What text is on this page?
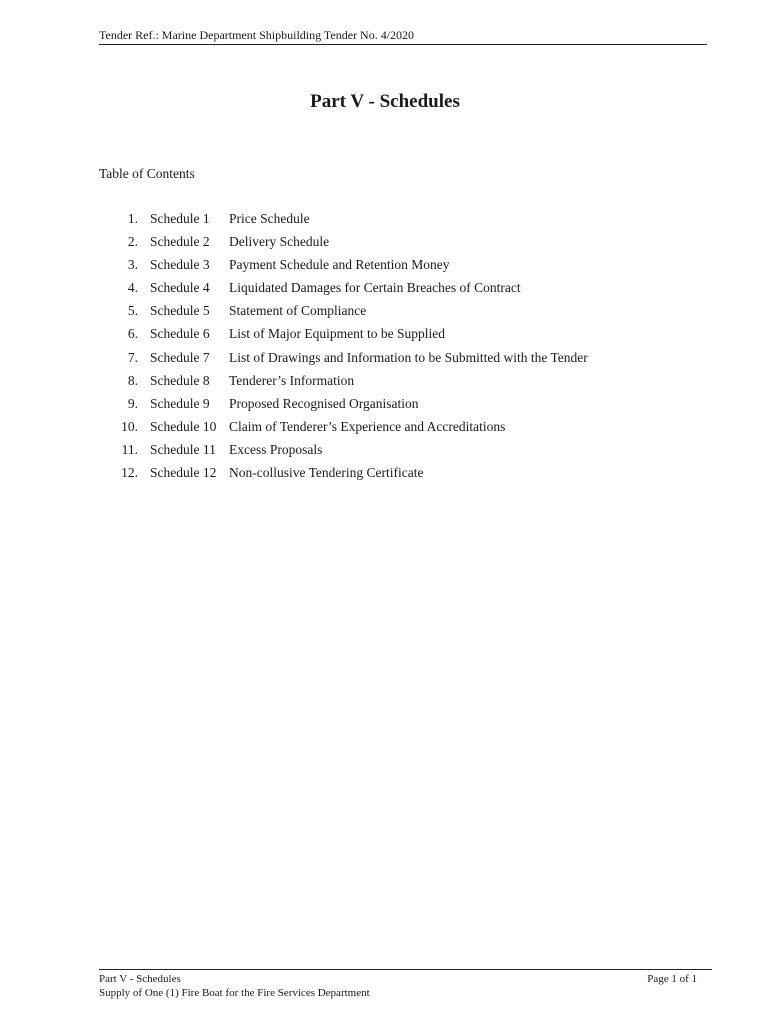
Tender Ref.: Marine Department Shipbuilding Tender No. 4/2020
Part V - Schedules
Table of Contents
1. Schedule 1 Price Schedule
2. Schedule 2 Delivery Schedule
3. Schedule 3 Payment Schedule and Retention Money
4. Schedule 4 Liquidated Damages for Certain Breaches of Contract
5. Schedule 5 Statement of Compliance
6. Schedule 6 List of Major Equipment to be Supplied
7. Schedule 7 List of Drawings and Information to be Submitted with the Tender
8. Schedule 8 Tenderer’s Information
9. Schedule 9 Proposed Recognised Organisation
10. Schedule 10 Claim of Tenderer’s Experience and Accreditations
11. Schedule 11 Excess Proposals
12. Schedule 12 Non-collusive Tendering Certificate
Part V - Schedules
Supply of One (1) Fire Boat for the Fire Services Department
Page 1 of 1
